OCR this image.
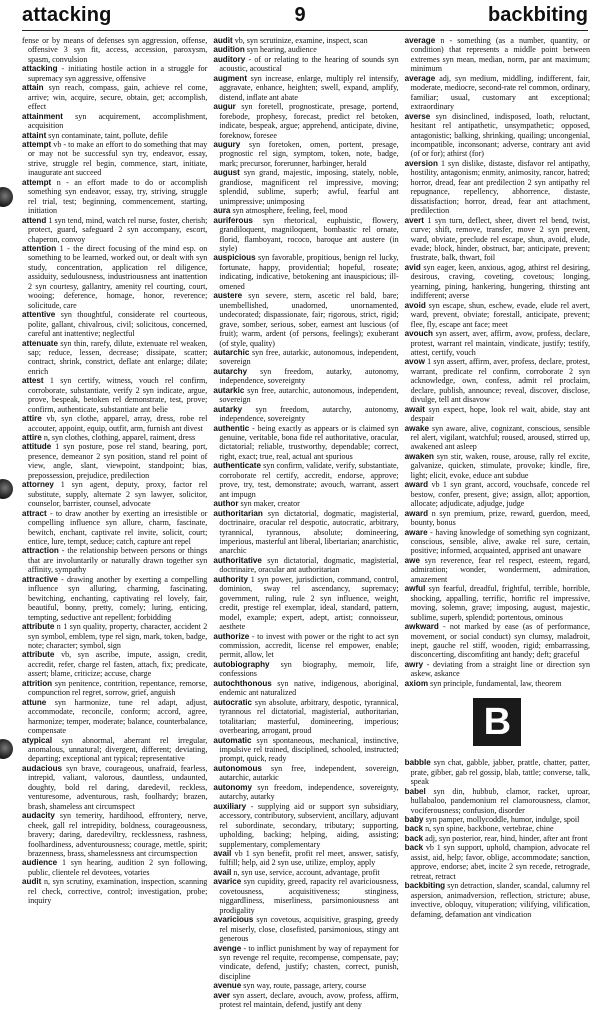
attacking	9	backbiting

fense or by means of defenses syn aggression, offense, offensive 3 syn fit, access, accession, paroxysm, spasm, convulsion

attacking - initiating hostile action in a struggle for supremacy syn aggressive, offensive

attain syn reach, compass, gain, achieve rel come, arrive; win, acquire, secure, obtain, get; accomplish, effect

attainment syn acquirement, accomplishment, acquisition

attaint syn contaminate, taint, pollute, defile

attempt vb - to make an effort to do something that may or may not be successful syn try, endeavor, essay, strive, struggle rel begin, commence, start, initiate, inaugurate ant succeed

attempt n - an effort made to do or accomplish something syn endeavor, essay, try, striving, struggle rel trial, test; beginning, commencement, starting, initiation

attend 1 syn tend, mind, watch rel nurse, foster, cherish; protect, guard, safeguard 2 syn accompany, escort, chaperon, convoy

attention 1 - the direct focusing of the mind esp. on something to be learned, worked out, or dealt with syn study, concentration, application rel diligence, assiduity, sedulousness, industriousness ant inattention 2 syn courtesy, gallantry, amenity rel courting, court, wooing; deference, homage, honor, reverence; solicitude, care

attentive syn thoughtful, considerate rel courteous, polite, gallant, chivalrous, civil; solicitous, concerned, careful ant inattentive; neglectful

attenuate syn thin, rarefy, dilute, extenuate rel weaken, sap; reduce, lessen, decrease; dissipate, scatter; contract, shrink, constrict, deflate ant enlarge; dilate; enrich

attest 1 syn certify, witness, vouch rel confirm, corroborate, substantiate, verify 2 syn indicate, argue, prove, bespeak, betoken rel demonstrate, test, prove; confirm, authenticate, substantiate ant belie

attire vb, syn clothe, apparel, array, dress, robe rel accouter, appoint, equip, outfit, arm, furnish ant divest

attire n, syn clothes, clothing, apparel, raiment, dress

attitude 1 syn posture, pose rel stand, bearing, port, presence, demeanor 2 syn position, stand rel point of view, angle, slant, viewpoint, standpoint; bias, prepossession, prejudice, predilection

attorney 1 syn agent, deputy, proxy, factor rel substitute, supply, alternate 2 syn lawyer, solicitor, counselor, barrister, counsel, advocate

attract - to draw another by exerting an irresistible or compelling influence syn allure, charm, fascinate, bewitch, enchant, captivate rel invite, solicit, court; entice, lure, tempt, seduce; catch, capture ant repel

attraction - the relationship between persons or things that are involuntarily or naturally drawn together syn affinity, sympathy

attractive - drawing another by exerting a compelling influence syn alluring, charming, fascinating, bewitching, enchanting, captivating rel lovely, fair, beautiful, bonny, pretty, comely; luring, enticing, tempting, seductive ant repellent; forbidding

attribute n 1 syn quality, property, character, accident 2 syn symbol, emblem, type rel sign, mark, token, badge, note; character; symbol, sign

attribute vb, syn ascribe, impute, assign, credit, accredit, refer, charge rel fasten, attach, fix; predicate, assert; blame, criticize; accuse, charge

attrition syn penitence, contrition, repentance, remorse, compunction rel regret, sorrow, grief, anguish

attune syn harmonize, tune rel adapt, adjust, accommodate, reconcile, conform; accord, agree, harmonize; temper, moderate; balance, counterbalance, compensate

atypical syn abnormal, aberrant rel irregular, anomalous, unnatural; divergent, different; deviating, departing; exceptional ant typical; representative

audacious syn brave, courageous, unafraid, fearless, intrepid, valiant, valorous, dauntless, undaunted, doughty, bold rel daring, daredevil, reckless, venturesome, adventurous, rash, foolhardy; brazen, brash, shameless ant circumspect

audacity syn temerity, hardihood, effrontery, nerve, cheek, gall rel intrepidity, boldness, courageousness, bravery; daring, daredeviltry, recklessness, rashness, foolhardiness, adventurousness; courage, mettle, spirit; brazenness, brass, shamelessness ant circumspection

audience 1 syn hearing, audition 2 syn following, public, clientele rel devotees, votaries

audit n, syn scrutiny, examination, inspection, scanning rel check, corrective, control; investigation, probe; inquiry

audit vb, syn scrutinize, examine, inspect, scan

audition syn hearing, audience

auditory - of or relating to the hearing of sounds syn acoustic, acoustical

augment syn increase, enlarge, multiply rel intensify, aggravate, enhance, heighten; swell, expand, amplify, distend, inflate ant abate

augur syn foretell, prognosticate, presage, portend, forebode, prophesy, forecast, predict rel betoken, indicate, bespeak, argue; apprehend, anticipate, divine, foreknow, foresee

augury syn foretoken, omen, portent, presage, prognostic rel sign, symptom, token, note, badge, mark; precursor, forerunner, harbinger, herald

august syn grand, majestic, imposing, stately, noble, grandiose, magnificent rel impressive, moving; splendid, sublime, superb; awful, fearful ant unimpressive; unimposing

aura syn atmosphere, feeling, feel, mood

auriferous syn rhetorical, euphuistic, flowery, grandiloquent, magniloquent, bombastic rel ornate, florid, flamboyant, rococo, baroque ant austere (in style)

auspicious syn favorable, propitious, benign rel lucky, fortunate, happy, providential; hopeful, roseate; indicating, indicative, betokening ant inauspicious; ill-omened

austere syn severe, stern, ascetic rel bald, bare; unembellished, unadorned, unornamented, undecorated; dispassionate, fair; rigorous, strict, rigid; grave, somber, serious, sober, earnest ant luscious (of fruit); warm, ardent (of persons, feelings); exuberant (of style, quality)

autarchic syn free, autarkic, autonomous, independent, sovereign

autarchy syn freedom, autarky, autonomy, independence, sovereignty

autarkic syn free, autarchic, autonomous, independent, sovereign

autarky syn freedom, autarchy, autonomy, independence, sovereignty

authentic - being exactly as appears or is claimed syn genuine, veritable, bona fide rel authoritative, oracular, dictatorial; reliable, trustworthy, dependable; correct, right, exact; true, real, actual ant spurious

authenticate syn confirm, validate, verify, substantiate, corroborate rel certify, accredit, endorse, approve; prove, try, test, demonstrate; avouch, warrant, assert ant impugn

author syn maker, creator

authoritarian syn dictatorial, dogmatic, magisterial, doctrinaire, oracular rel despotic, autocratic, arbitrary, tyrannical, tyrannous, absolute; domineering, imperious, masterful ant liberal, libertarian; anarchistic, anarchic

authoritative syn dictatorial, dogmatic, magisterial, doctrinaire, oracular ant authoritarian

authority 1 syn power, jurisdiction, command, control, dominion, sway rel ascendancy, supremacy; government, ruling, rule 2 syn influence, weight, credit, prestige rel exemplar, ideal, standard, pattern, model, example; expert, adept, artist; connoisseur, aesthete

authorize - to invest with power or the right to act syn commission, accredit, license rel empower, enable; permit, allow, let

autobiography syn biography, memoir, life, confessions

autochthonous syn native, indigenous, aboriginal, endemic ant naturalized

autocratic syn absolute, arbitrary, despotic, tyrannical, tyrannous rel dictatorial, magisterial, authoritarian, totalitarian; masterful, domineering, imperious; overbearing, arrogant, proud

automatic syn spontaneous, mechanical, instinctive, impulsive rel trained, disciplined, schooled, instructed; prompt, quick, ready

autonomous syn free, independent, sovereign, autarchic, autarkic

autonomy syn freedom, independence, sovereignty, autarchy, autarky

auxiliary - supplying aid or support syn subsidiary, accessory, contributory, subservient, ancillary, adjuvant rel subordinate, secondary, tributary; supporting, upholding, backing; helping, aiding, assisting; supplementary, complementary

avail vb 1 syn benefit, profit rel meet, answer, satisfy, fulfill; help, aid 2 syn use, utilize, employ, apply

avail n, syn use, service, account, advantage, profit

avarice syn cupidity, greed, rapacity rel avariciousness, covetousness, acquisitiveness; stinginess, niggardliness, miserliness, parsimoniousness ant prodigality

avaricious syn covetous, acquisitive, grasping, greedy rel miserly, close, closefisted, parsimonious, stingy ant generous

avenge - to inflict punishment by way of repayment for syn revenge rel requite, recompense, compensate, pay; vindicate, defend, justify; chasten, correct, punish, discipline

avenue syn way, route, passage, artery, course

aver syn assert, declare, avouch, avow, profess, affirm, protest rel maintain, defend, justify ant deny

average n - something (as a number, quantity, or condition) that represents a middle point between extremes syn mean, median, norm, par ant maximum; minimum

average adj, syn medium, middling, indifferent, fair, moderate, mediocre, second-rate rel common, ordinary, familiar; usual, customary ant exceptional; extraordinary

averse syn disinclined, indisposed, loath, reluctant, hesitant rel antipathetic, unsympathetic; opposed, antagonistic; balking, shrinking, quailing; uncongenial, incompatible, inconsonant; adverse, contrary ant avid (of or for); athirst (for)

aversion 1 syn dislike, distaste, disfavor rel antipathy, hostility, antagonism; enmity, animosity, rancor, hatred; horror, dread, fear ant predilection 2 syn antipathy rel repugnance, repellency, abhorrence, distaste, dissatisfaction; horror, dread, fear ant attachment, predilection

avert 1 syn turn, deflect, sheer, divert rel bend, twist, curve; shift, remove, transfer, move 2 syn prevent, ward, obviate, preclude rel escape, shun, avoid, elude, evade; block, hinder, obstruct, bar; anticipate, prevent; frustrate, balk, thwart, foil

avid syn eager, keen, anxious, agog, athirst rel desiring, desirous, craving, coveting, covetous; longing, yearning, pining, hankering, hungering, thirsting ant indifferent; averse

avoid syn escape, shun, eschew, evade, elude rel avert, ward, prevent, obviate; forestall, anticipate, prevent; flee, fly, escape ant face; meet

avouch syn assert, aver, affirm, avow, profess, declare, protest, warrant rel maintain, vindicate, justify; testify, attest, certify, vouch

avow 1 syn assert, affirm, aver, profess, declare, protest, warrant, predicate rel confirm, corroborate 2 syn acknowledge, own, confess, admit rel proclaim, declare, publish, announce; reveal, discover, disclose, divulge, tell ant disavow

await syn expect, hope, look rel wait, abide, stay ant despair

awake syn aware, alive, cognizant, conscious, sensible rel alert, vigilant, watchful; roused, aroused, stirred up, awakened ant asleep

awaken syn stir, waken, rouse, arouse, rally rel excite, galvanize, quicken, stimulate, provoke; kindle, fire, light; elicit, evoke, educe ant subdue

award vb 1 syn grant, accord, vouchsafe, concede rel bestow, confer, present, give; assign, allot; apportion, allocate; adjudicate, adjudge, judge

award n syn premium, prize, reward, guerdon, meed, bounty, bonus

aware - having knowledge of something syn cognizant, conscious, sensible, alive, awake rel sure, certain, positive; informed, acquainted, apprised ant unaware

awe syn reverence, fear rel respect, esteem, regard, admiration; wonder, wonderment, admiration, amazement

awful syn fearful, dreadful, frightful, terrible, horrible, shocking, appalling, terrific, horrific rel impressive, moving, solemn, grave; imposing, august, majestic, sublime, superb, splendid; portentous, ominous

awkward - not marked by ease (as of performance, movement, or social conduct) syn clumsy, maladroit, inept, gauche rel stiff, wooden, rigid; embarrassing, disconcerting, discomfiting ant handy; deft; graceful

awry - deviating from a straight line or direction syn askew, askance

axiom syn principle, fundamental, law, theorem

B

babble syn chat, gabble, jabber, prattle, chatter, patter, prate, gibber, gab rel gossip, blab, tattle; converse, talk, speak

babel syn din, hubbub, clamor, racket, uproar, hullabaloo, pandemonium rel clamorousness, clamor, vociferousness; confusion, disorder

baby syn pamper, mollycoddle, humor, indulge, spoil

back n, syn spine, backbone, vertebrae, chine

back adj, syn posterior, rear, hind, hinder, after ant front

back vb 1 syn support, uphold, champion, advocate rel assist, aid, help; favor, oblige, accommodate; sanction, approve, endorse; abet, incite 2 syn recede, retrograde, retreat, retract

backbiting syn detraction, slander, scandal, calumny rel aspersion, animadversion, reflection, stricture; abuse, invective, obloquy, vituperation; vilifying, vilification, defaming, defamation ant vindication
